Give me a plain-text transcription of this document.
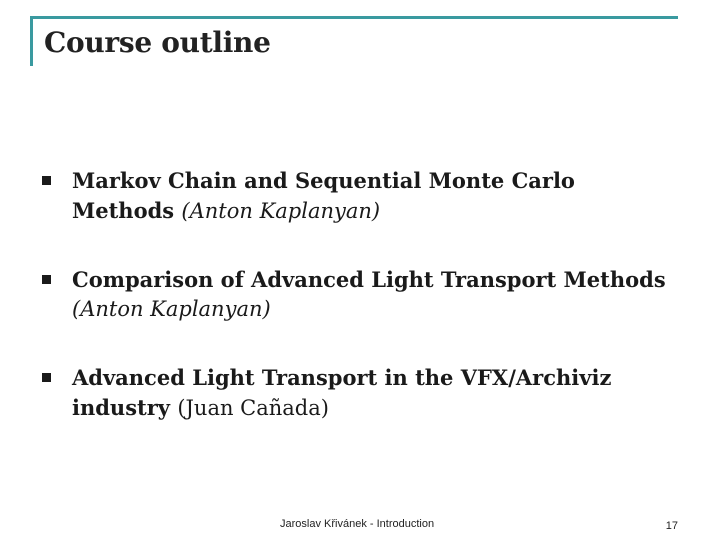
Course outline
Markov Chain and Sequential Monte Carlo Methods (Anton Kaplanyan)
Comparison of Advanced Light Transport Methods (Anton Kaplanyan)
Advanced Light Transport in the VFX/Archiviz industry (Juan Cañada)
Jaroslav Křivánek - Introduction	17
